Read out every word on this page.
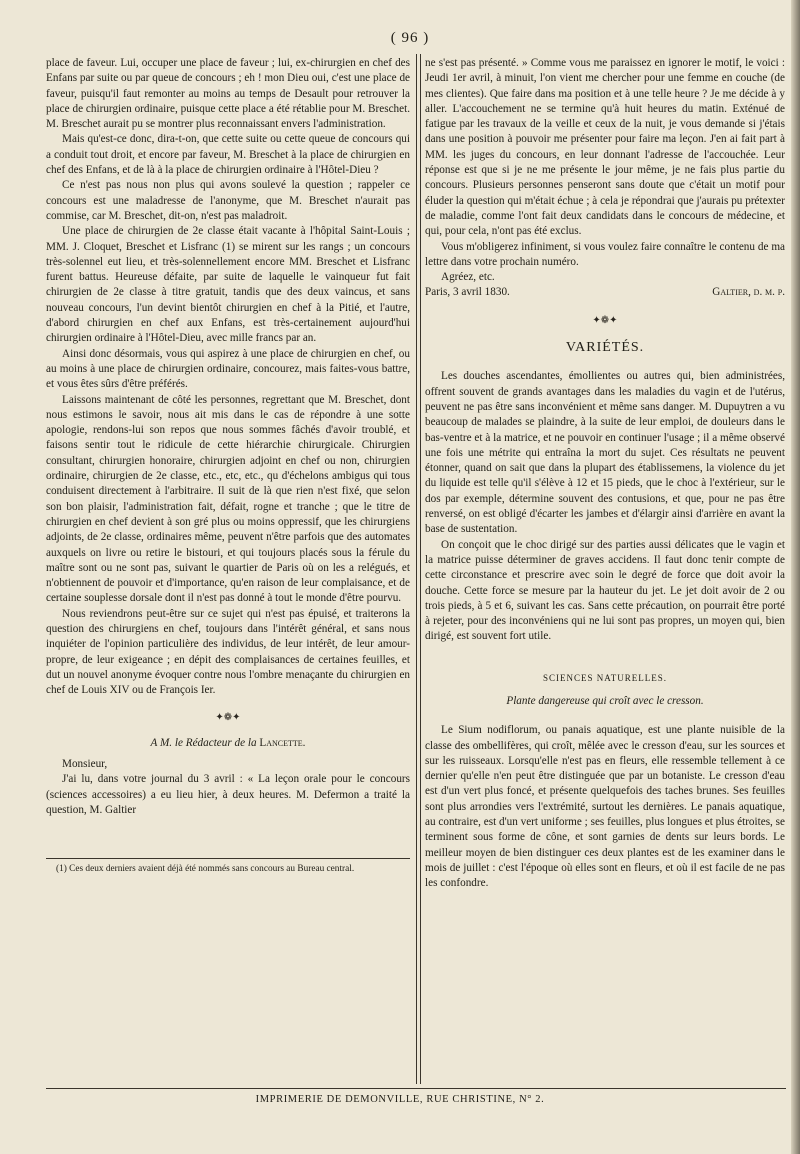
( 96 )

place de faveur. Lui, occuper une place de faveur ; lui, ex-chirurgien en chef des Enfans par suite ou par queue de concours ; eh ! mon Dieu oui, c'est une place de faveur, puisqu'il faut remonter au moins au temps de Desault pour retrouver la place de chirurgien ordinaire, puisque cette place a été rétablie pour M. Breschet. M. Breschet aurait pu se montrer plus reconnaissant envers l'administration.

Mais qu'est-ce donc, dira-t-on, que cette suite ou cette queue de concours qui a conduit tout droit, et encore par faveur, M. Breschet à la place de chirurgien en chef des Enfans, et de là à la place de chirurgien ordinaire à l'Hôtel-Dieu ?

Ce n'est pas nous non plus qui avons soulevé la question ; rappeler ce concours est une maladresse de l'anonyme, que M. Breschet n'aurait pas commise, car M. Breschet, dit-on, n'est pas maladroit.

Une place de chirurgien de 2e classe était vacante à l'hôpital Saint-Louis ; MM. J. Cloquet, Breschet et Lisfranc (1) se mirent sur les rangs ; un concours très-solennel eut lieu, et très-solennellement encore MM. Breschet et Lisfranc furent battus. Heureuse défaite, par suite de laquelle le vainqueur fut fait chirurgien de 2e classe à titre gratuit, tandis que des deux vaincus, et sans nouveau concours, l'un devint bientôt chirurgien en chef à la Pitié, et l'autre, d'abord chirurgien en chef aux Enfans, est très-certainement aujourd'hui chirurgien ordinaire à l'Hôtel-Dieu, avec mille francs par an.

Ainsi donc désormais, vous qui aspirez à une place de chirurgien en chef, ou au moins à une place de chirurgien ordinaire, concourez, mais faites-vous battre, et vous êtes sûrs d'être préférés.

Laissons maintenant de côté les personnes, regrettant que M. Breschet, dont nous estimons le savoir, nous ait mis dans le cas de répondre à une sotte apologie, rendons-lui son repos que nous sommes fâchés d'avoir troublé, et faisons sentir tout le ridicule de cette hiérarchie chirurgicale. Chirurgien consultant, chirurgien honoraire, chirurgien adjoint en chef ou non, chirurgien ordinaire, chirurgien de 2e classe, etc., etc, etc., qu d'échelons ambigus qui tous conduisent directement à l'arbitraire. Il suit de là que rien n'est fixé, que selon son bon plaisir, l'administration fait, défait, rogne et tranche ; que le titre de chirurgien en chef devient à son gré plus ou moins oppressif, que les chirurgiens adjoints, de 2e classe, ordinaires même, peuvent n'être parfois que des automates auxquels on livre ou retire le bistouri, et qui toujours placés sous la férule du maître sont ou ne sont pas, suivant le quartier de Paris où on les a relégués, et n'obtiennent de pouvoir et d'importance, qu'en raison de leur complaisance, et de certaine souplesse dorsale dont il n'est pas donné à tout le monde d'être pourvu.

Nous reviendrons peut-être sur ce sujet qui n'est pas épuisé, et traiterons la question des chirurgiens en chef, toujours dans l'intérêt général, et sans nous inquiéter de l'opinion particulière des individus, de leur intérêt, de leur amour-propre, de leur exigeance ; en dépit des complaisances de certaines feuilles, et dut un nouvel anonyme évoquer contre nous l'ombre menaçante du chirurgien en chef de Louis XIV ou de François Ier.

✦❁✦

A M. le Rédacteur de la Lancette.

Monsieur,

J'ai lu, dans votre journal du 3 avril : « La leçon orale pour le concours (sciences accessoires) a eu lieu hier, à deux heures. M. Defermon a traité la question, M. Galtier

(1) Ces deux derniers avaient déjà été nommés sans concours au Bureau central.

ne s'est pas présenté. » Comme vous me paraissez en ignorer le motif, le voici : Jeudi 1er avril, à minuit, l'on vient me chercher pour une femme en couche (de mes clientes). Que faire dans ma position et à une telle heure ? Je me décide à y aller. L'accouchement ne se termine qu'à huit heures du matin. Exténué de fatigue par les travaux de la veille et ceux de la nuit, je vous demande si j'étais dans une position à pouvoir me présenter pour faire ma leçon. J'en ai fait part à MM. les juges du concours, en leur donnant l'adresse de l'accouchée. Leur réponse est que si je ne me présente le jour même, je ne fais plus partie du concours. Plusieurs personnes penseront sans doute que c'était un motif pour éluder la question qui m'était échue ; à cela je répondrai que j'aurais pu prétexter de maladie, comme l'ont fait deux candidats dans le concours de médecine, et qui, pour cela, n'ont pas été exclus.

Vous m'obligerez infiniment, si vous voulez faire connaître le contenu de ma lettre dans votre prochain numéro.

Agréez, etc.

Paris, 3 avril 1830.	Galtier, d. m. p.

✦❁✦

VARIÉTÉS.

Les douches ascendantes, émollientes ou autres qui, bien administrées, offrent souvent de grands avantages dans les maladies du vagin et de l'utérus, peuvent ne pas être sans inconvénient et même sans danger. M. Dupuytren a vu beaucoup de malades se plaindre, à la suite de leur emploi, de douleurs dans le bas-ventre et à la matrice, et ne pouvoir en continuer l'usage ; il a même observé une fois une métrite qui entraîna la mort du sujet. Ces résultats ne peuvent étonner, quand on sait que dans la plupart des établissemens, la violence du jet du liquide est telle qu'il s'élève à 12 et 15 pieds, que le choc à l'extérieur, sur le dos par exemple, détermine souvent des contusions, et que, pour ne pas être renversé, on est obligé d'écarter les jambes et d'élargir ainsi d'arrière en avant la base de sustentation.

On conçoit que le choc dirigé sur des parties aussi délicates que le vagin et la matrice puisse déterminer de graves accidens. Il faut donc tenir compte de cette circonstance et prescrire avec soin le degré de force que doit avoir la douche. Cette force se mesure par la hauteur du jet. Le jet doit avoir de 2 ou trois pieds, à 5 et 6, suivant les cas. Sans cette précaution, on pourrait être porté à rejeter, pour des inconvéniens qui ne lui sont pas propres, un moyen qui, bien dirigé, est souvent fort utile.

SCIENCES NATURELLES.

Plante dangereuse qui croît avec le cresson.

Le Sium nodiflorum, ou panais aquatique, est une plante nuisible de la classe des ombellifères, qui croît, mêlée avec le cresson d'eau, sur les sources et sur les ruisseaux. Lorsqu'elle n'est pas en fleurs, elle ressemble tellement à ce dernier qu'elle n'en peut être distinguée que par un botaniste. Le cresson d'eau est d'un vert plus foncé, et présente quelquefois des taches brunes. Ses feuilles sont plus arrondies vers l'extrémité, surtout les dernières. Le panais aquatique, au contraire, est d'un vert uniforme ; ses feuilles, plus longues et plus étroites, se terminent sous forme de cône, et sont garnies de dents sur leurs bords. Le meilleur moyen de bien distinguer ces deux plantes est de les examiner dans le mois de juillet : c'est l'époque où elles sont en fleurs, et où il est facile de ne pas les confondre.

IMPRIMERIE DE DEMONVILLE, RUE CHRISTINE, N° 2.
